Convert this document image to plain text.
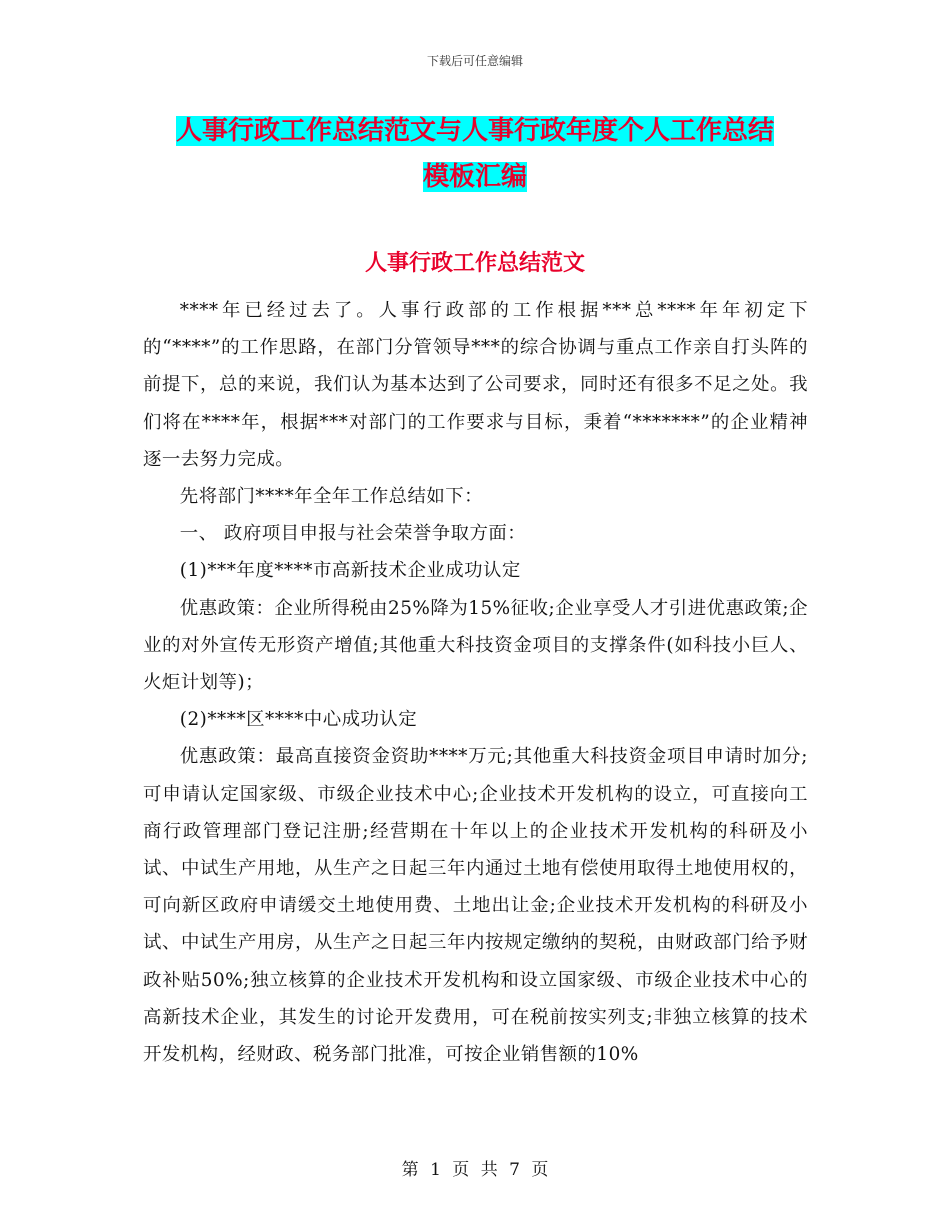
下载后可任意编辑
人事行政工作总结范文与人事行政年度个人工作总结
模板汇编
人事行政工作总结范文

****年已经过去了。人事行政部的工作根据***总****年年初定下的“****”的工作思路，在部门分管领导***的综合协调与重点工作亲自打头阵的前提下，总的来说，我们认为基本达到了公司要求，同时还有很多不足之处。我们将在****年，根据***对部门的工作要求与目标，秉着“*******”的企业精神逐一去努力完成。

先将部门****年全年工作总结如下：

一、 政府项目申报与社会荣誉争取方面：

(1)***年度****市高新技术企业成功认定

优惠政策：企业所得税由25%降为15%征收;企业享受人才引进优惠政策;企业的对外宣传无形资产增值;其他重大科技资金项目的支撑条件(如科技小巨人、火炬计划等)；

(2)****区****中心成功认定

优惠政策：最高直接资金资助****万元;其他重大科技资金项目申请时加分;可申请认定国家级、市级企业技术中心;企业技术开发机构的设立，可直接向工商行政管理部门登记注册;经营期在十年以上的企业技术开发机构的科研及小试、中试生产用地，从生产之日起三年内通过土地有偿使用取得土地使用权的，可向新区政府申请缓交土地使用费、土地出让金;企业技术开发机构的科研及小试、中试生产用房，从生产之日起三年内按规定缴纳的契税，由财政部门给予财政补贴50%;独立核算的企业技术开发机构和设立国家级、市级企业技术中心的高新技术企业，其发生的讨论开发费用，可在税前按实列支;非独立核算的技术开发机构，经财政、税务部门批准，可按企业销售额的10%

第 1 页 共 7 页
